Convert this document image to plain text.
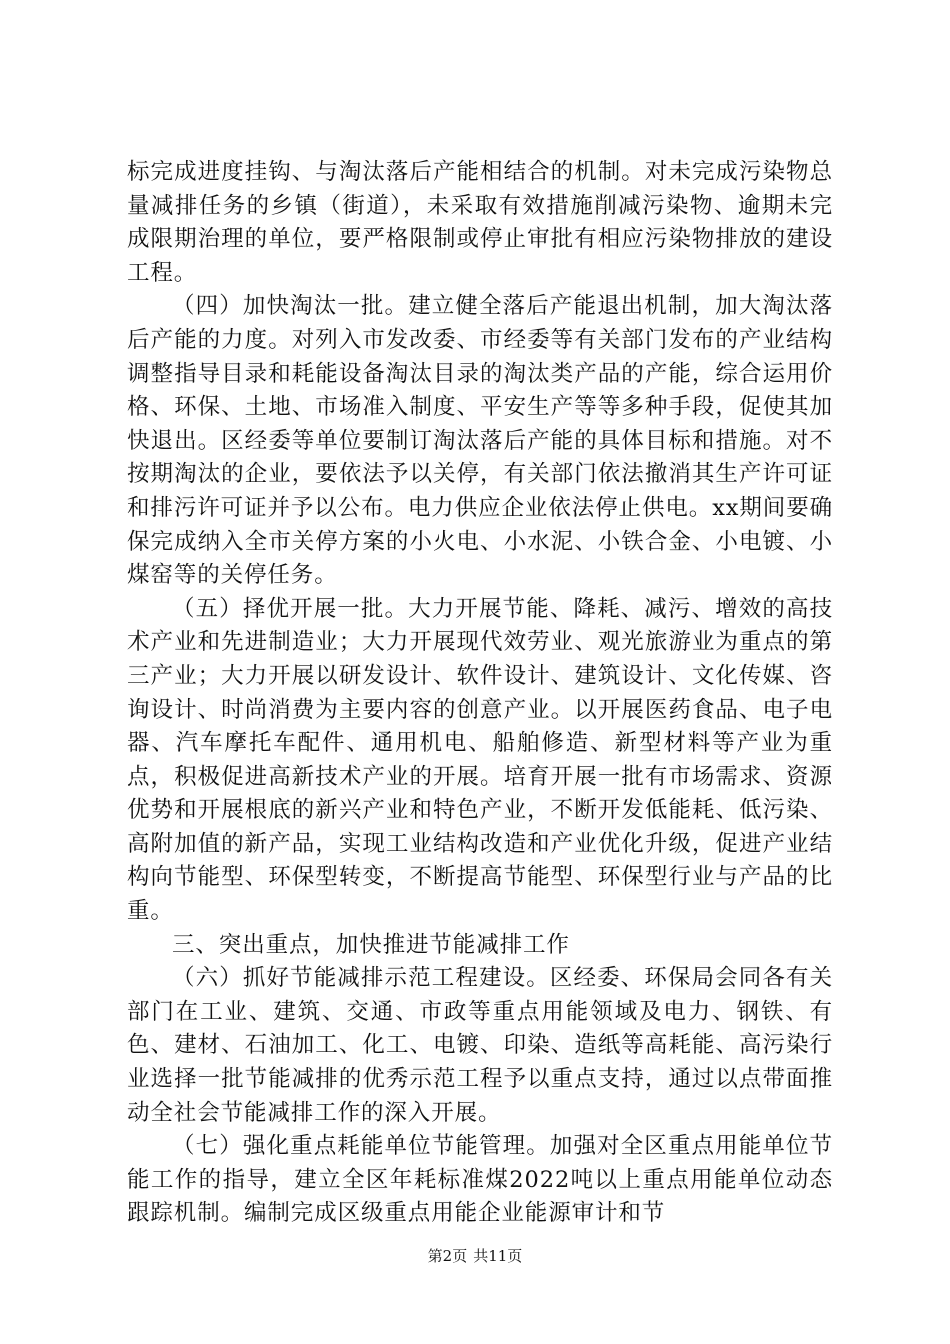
标完成进度挂钩、与淘汰落后产能相结合的机制。对未完成污染物总量减排任务的乡镇（街道），未采取有效措施削减污染物、逾期未完成限期治理的单位，要严格限制或停止审批有相应污染物排放的建设工程。

（四）加快淘汰一批。建立健全落后产能退出机制，加大淘汰落后产能的力度。对列入市发改委、市经委等有关部门发布的产业结构调整指导目录和耗能设备淘汰目录的淘汰类产品的产能，综合运用价格、环保、土地、市场准入制度、平安生产等等多种手段，促使其加快退出。区经委等单位要制订淘汰落后产能的具体目标和措施。对不按期淘汰的企业，要依法予以关停，有关部门依法撤消其生产许可证和排污许可证并予以公布。电力供应企业依法停止供电。xx期间要确保完成纳入全市关停方案的小火电、小水泥、小铁合金、小电镀、小煤窑等的关停任务。

（五）择优开展一批。大力开展节能、降耗、减污、增效的高技术产业和先进制造业；大力开展现代效劳业、观光旅游业为重点的第三产业；大力开展以研发设计、软件设计、建筑设计、文化传媒、咨询设计、时尚消费为主要内容的创意产业。以开展医药食品、电子电器、汽车摩托车配件、通用机电、船舶修造、新型材料等产业为重点，积极促进高新技术产业的开展。培育开展一批有市场需求、资源优势和开展根底的新兴产业和特色产业，不断开发低能耗、低污染、高附加值的新产品，实现工业结构改造和产业优化升级，促进产业结构向节能型、环保型转变，不断提高节能型、环保型行业与产品的比重。

三、突出重点，加快推进节能减排工作

（六）抓好节能减排示范工程建设。区经委、环保局会同各有关部门在工业、建筑、交通、市政等重点用能领域及电力、钢铁、有色、建材、石油加工、化工、电镀、印染、造纸等高耗能、高污染行业选择一批节能减排的优秀示范工程予以重点支持，通过以点带面推动全社会节能减排工作的深入开展。

（七）强化重点耗能单位节能管理。加强对全区重点用能单位节能工作的指导，建立全区年耗标准煤2022吨以上重点用能单位动态跟踪机制。编制完成区级重点用能企业能源审计和节

第2页 共11页
